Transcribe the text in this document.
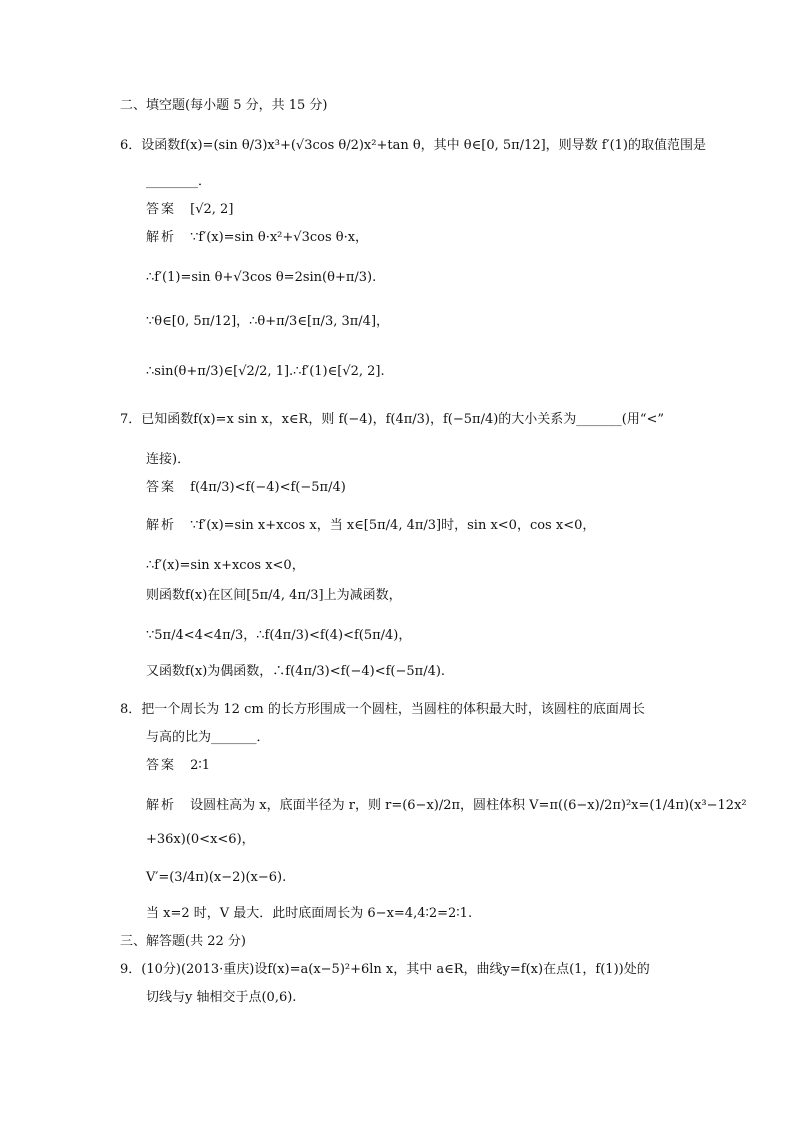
二、填空题(每小题 5 分，共 15 分)
6．设函数f(x)=(sin θ/3)x³+(√3cos θ/2)x²+tan θ，其中 θ∈[0, 5π/12]，则导数 f′(1)的取值范围是
________．
答案 [√2, 2]
解析 ∵f′(x)=sin θ·x²+√3cos θ·x，
∴f′(1)=sin θ+√3cos θ=2sin(θ+π/3).
∵θ∈[0, 5π/12]，∴θ+π/3∈[π/3, 3π/4]，
∴sin(θ+π/3)∈[√2/2, 1].∴f′(1)∈[√2, 2].
7．已知函数f(x)=x sin x，x∈R，则 f(−4)，f(4π/3)，f(−5π/4)的大小关系为_______(用“<”
连接)．
答案 f(4π/3)<f(−4)<f(−5π/4)
解析 ∵f′(x)=sin x+xcos x，当 x∈[5π/4, 4π/3]时，sin x<0，cos x<0，
∴f′(x)=sin x+xcos x<0，
则函数f(x)在区间[5π/4, 4π/3]上为减函数，
∵5π/4<4<4π/3，∴f(4π/3)<f(4)<f(5π/4)，
又函数f(x)为偶函数，∴f(4π/3)<f(−4)<f(−5π/4).
8．把一个周长为 12 cm 的长方形围成一个圆柱，当圆柱的体积最大时，该圆柱的底面周长
与高的比为_______．
答案 2∶1
解析 设圆柱高为 x，底面半径为 r，则 r=(6−x)/2π，圆柱体积 V=π((6−x)/2π)²x=(1/4π)(x³−12x²
+36x)(0<x<6)，
V′=(3/4π)(x−2)(x−6).
当 x=2 时，V 最大．此时底面周长为 6−x=4,4∶2=2∶1.
三、解答题(共 22 分)
9．(10分)(2013·重庆)设f(x)=a(x−5)²+6ln x，其中 a∈R，曲线y=f(x)在点(1，f(1))处的
切线与y 轴相交于点(0,6).
